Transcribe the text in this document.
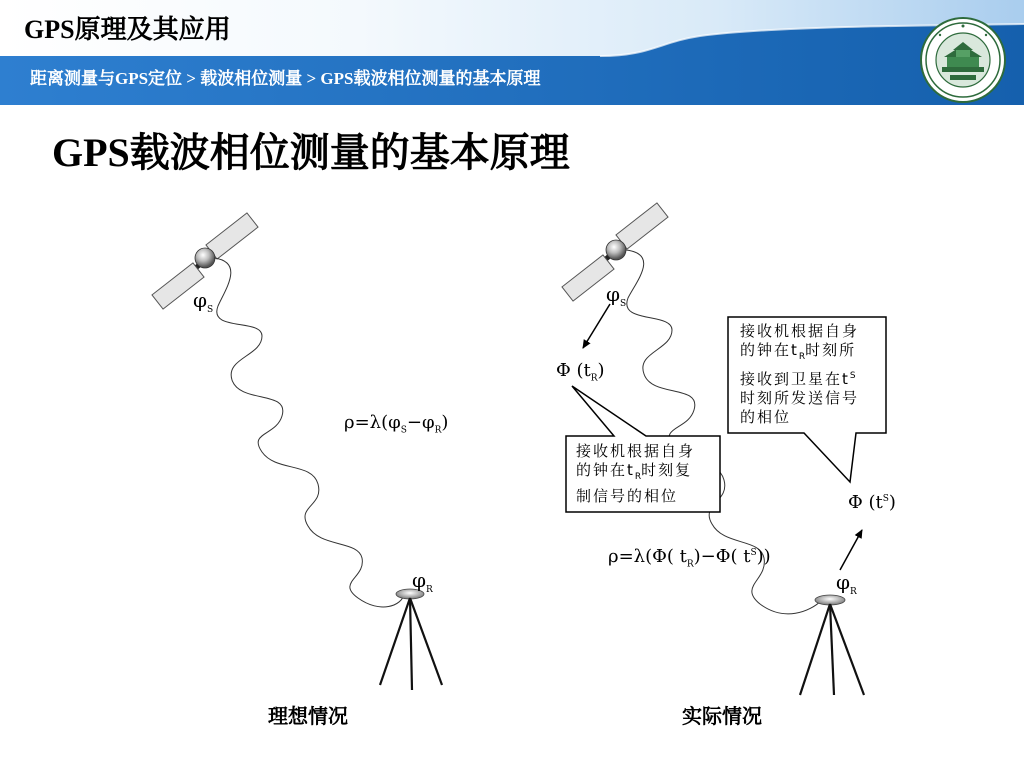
GPS原理及其应用
距离测量与GPS定位 > 载波相位测量 > GPS载波相位测量的基本原理
GPS载波相位测量的基本原理
$\varphi_S$
$\rho=\lambda(\varphi_S-\varphi_R)$
$\varphi_R$
理想情况
$\varphi_S$
Φ $(t_R)$
Φ $(t^S)$
ρ=λ(Φ( $t_R)-\Phi$( $t^S$))
$\varphi_R$
接收机根据自身
的钟在$t_R$时刻所
接收到卫星在$t^S$
时刻所发送信号
的相位
接收机根据自身
的钟在$t_R$时刻复
制信号的相位
实际情况
